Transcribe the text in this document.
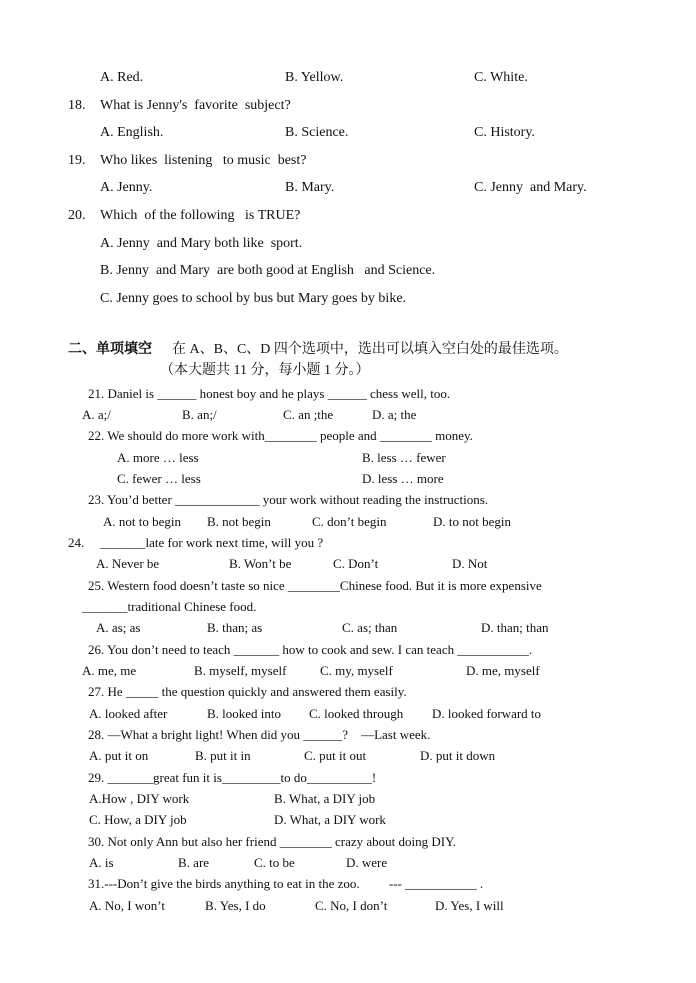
A. Red.	B. Yellow.	C. White.
18. What is Jenny's  favorite  subject?
A. English.	B. Science.	C. History.
19. Who likes  listening   to music  best?
A. Jenny.	B. Mary.	C. Jenny  and Mary.
20. Which  of the following   is TRUE?
A. Jenny  and Mary both like  sport.
B. Jenny  and Mary  are both good at English   and Science.
C. Jenny goes to school by bus but Mary goes by bike.
二、单项填空 在 A、B、C、D 四个选项中，选出可以填入空白处的最佳选项。
（本大题共 11 分，每小题 1 分。）
21. Daniel is ______ honest boy and he plays ______ chess well, too.
A. a;/	B. an;/	C. an ;the	D. a; the
22. We should do more work with________ people and ________ money.
A. more … less	B. less … fewer
C. fewer … less	D. less … more
23. You’d better _____________ your work without reading the instructions.
A. not to begin B. not begin	C. don’t begin	D. to not begin
24. _______late for work next time, will you ?
A. Never be	B. Won’t be	C. Don’t	D. Not
25. Western food doesn’t taste so nice ________Chinese food. But it is more expensive
_______traditional Chinese food.
A. as; as	B. than; as	C. as; than	D. than; than
26. You don’t need to teach _______ how to cook and sew. I can teach ___________.
A. me, me	B. myself, myself	C. my, myself	D. me, myself
27. He _____ the question quickly and answered them easily.
A. looked after	B. looked into C. looked through D. looked forward to
28. —What a bright light! When did you ______?    —Last week.
A. put it on	B. put it in	C. put it out	D. put it down
29. _______great fun it is_________to do__________!
A.How , DIY work	B. What, a DIY job
C. How, a DIY job	D. What, a DIY work
30. Not only Ann but also her friend ________ crazy about doing DIY.
A. is	B. are	C. to be	D. were
31.---Don’t give the birds anything to eat in the zoo.         --- ___________ .
A. No, I won’t	B. Yes, I do	C. No, I don’t	D. Yes, I will
